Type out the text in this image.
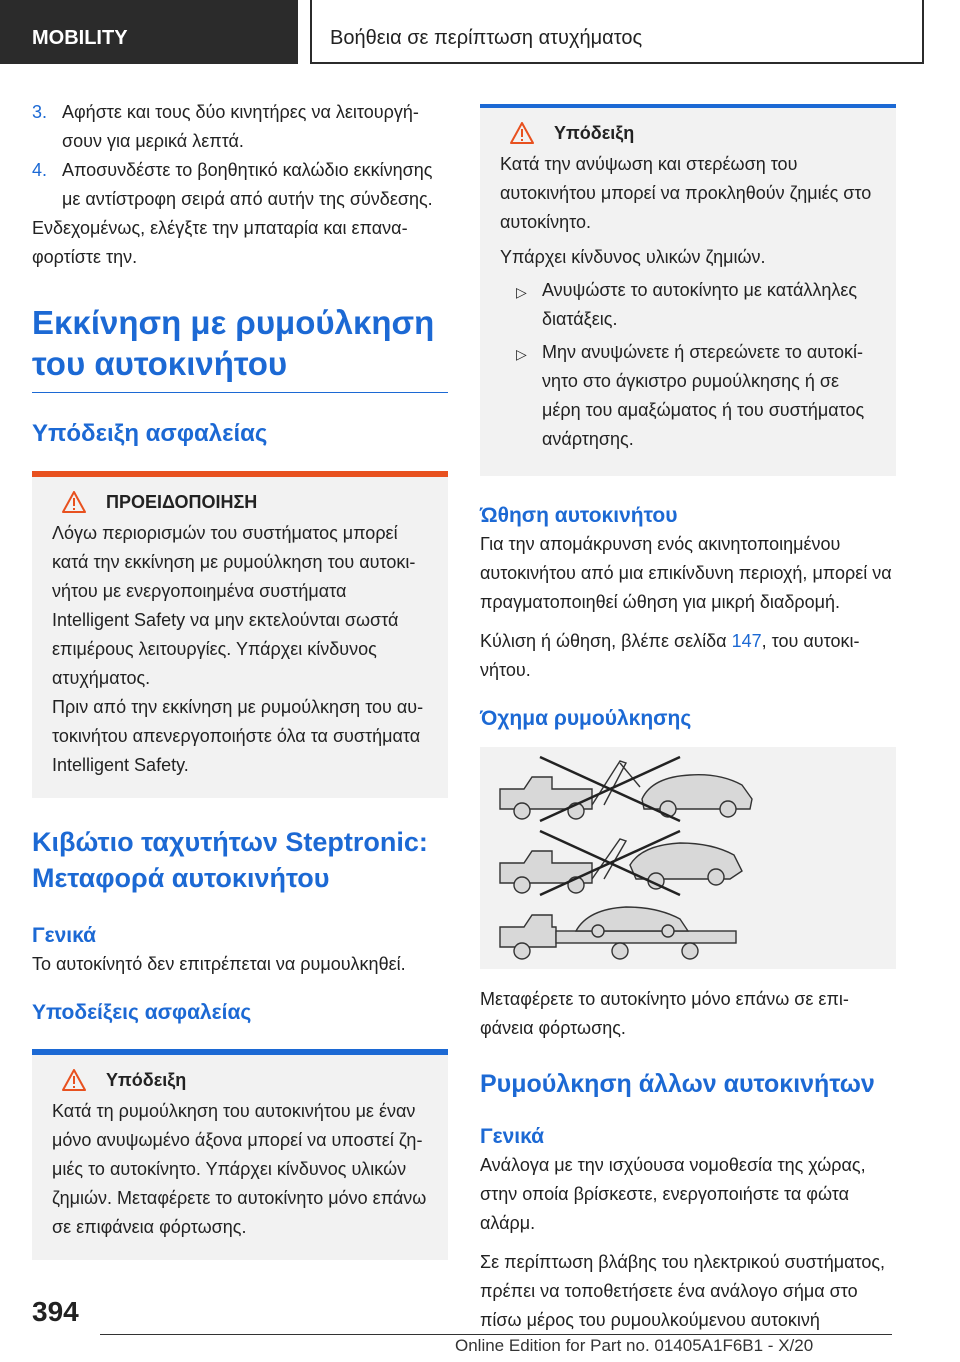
MOBILITY	Βοήθεια σε περίπτωση ατυχήματος
3. Αφήστε και τους δύο κινητήρες να λειτουργήσουν για μερικά λεπτά.
4. Αποσυνδέστε το βοηθητικό καλώδιο εκκίνησης με αντίστροφη σειρά από αυτήν της σύνδεσης.

Ενδεχομένως, ελέγξτε την μπαταρία και επαναφορτίστε την.

Εκκίνηση με ρυμούλκηση του αυτοκινήτου
Υπόδειξη ασφαλείας
ΠΡΟΕΙΔΟΠΟΙΗΣΗ

Λόγω περιορισμών του συστήματος μπορεί κατά την εκκίνηση με ρυμούλκηση του αυτοκινήτου με ενεργοποιημένα συστήματα Intelligent Safety να μην εκτελούνται σωστά επιμέρους λειτουργίες. Υπάρχει κίνδυνος ατυχήματος.

Πριν από την εκκίνηση με ρυμούλκηση του αυτοκινήτου απενεργοποιήστε όλα τα συστήματα Intelligent Safety.

Κιβώτιο ταχυτήτων Steptronic: Μεταφορά αυτοκινήτου
Γενικά

Το αυτοκίνητό δεν επιτρέπεται να ρυμουλκηθεί.

Υποδείξεις ασφαλείας
Υπόδειξη

Κατά τη ρυμούλκηση του αυτοκινήτου με έναν μόνο ανυψωμένο άξονα μπορεί να υποστεί ζημιές το αυτοκίνητο. Υπάρχει κίνδυνος υλικών ζημιών. Μεταφέρετε το αυτοκίνητο μόνο επάνω σε επιφάνεια φόρτωσης.

Υπόδειξη

Κατά την ανύψωση και στερέωση του αυτοκινήτου μπορεί να προκληθούν ζημιές στο αυτοκίνητο.

Υπάρχει κίνδυνος υλικών ζημιών.

▷ Ανυψώστε το αυτοκίνητο με κατάλληλες διατάξεις.
▷ Μην ανυψώνετε ή στερεώνετε το αυτοκίνητο στο άγκιστρο ρυμούλκησης ή σε μέρη του αμαξώματος ή του συστήματος ανάρτησης.
Ώθηση αυτοκινήτου

Για την απομάκρυνση ενός ακινητοποιημένου αυτοκινήτου από μια επικίνδυνη περιοχή, μπορεί να πραγματοποιηθεί ώθηση για μικρή διαδρομή.

Κύλιση ή ώθηση, βλέπε σελίδα 147, του αυτοκινήτου.

Όχημα ρυμούλκησης

Μεταφέρετε το αυτοκίνητο μόνο επάνω σε επιφάνεια φόρτωσης.

Ρυμούλκηση άλλων αυτοκινήτων
Γενικά

Ανάλογα με την ισχύουσα νομοθεσία της χώρας, στην οποία βρίσκεστε, ενεργοποιήστε τα φώτα αλάρμ.

Σε περίπτωση βλάβης του ηλεκτρικού συστήματος, πρέπει να τοποθετήσετε ένα ανάλογο σήμα στο πίσω μέρος του ρυμουλκούμενου αυτοκινή

394
Online Edition for Part no. 01405A1F6B1 - X/20
